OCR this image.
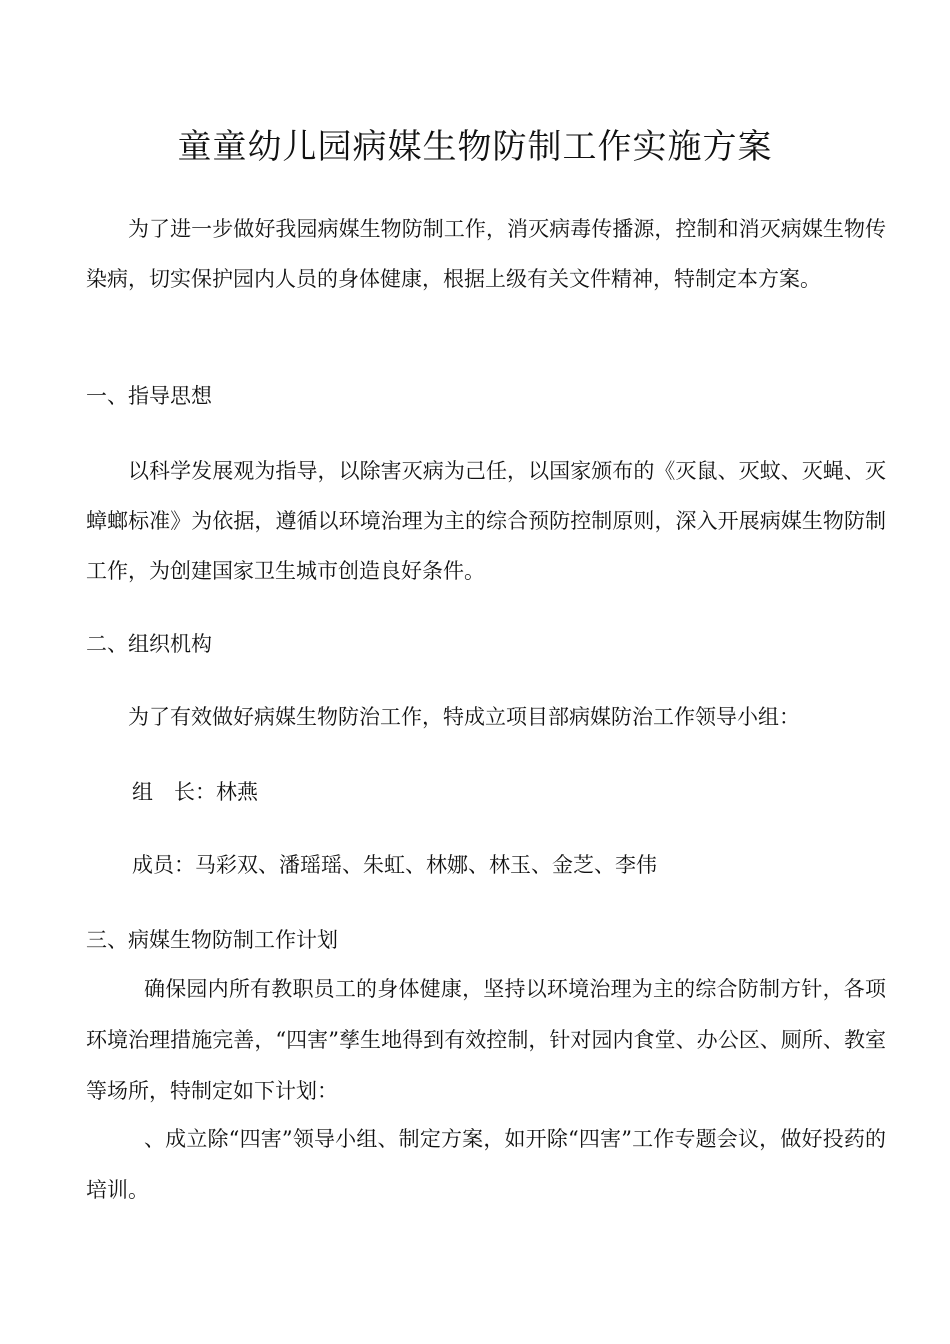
童童幼儿园病媒生物防制工作实施方案

为了进一步做好我园病媒生物防制工作，消灭病毒传播源，控制和消灭病媒生物传染病，切实保护园内人员的身体健康，根据上级有关文件精神，特制定本方案。

一、指导思想

以科学发展观为指导，以除害灭病为己任，以国家颁布的《灭鼠、灭蚊、灭蝇、灭蟑螂标准》为依据，遵循以环境治理为主的综合预防控制原则，深入开展病媒生物防制工作，为创建国家卫生城市创造良好条件。

二、组织机构

为了有效做好病媒生物防治工作，特成立项目部病媒防治工作领导小组：

组　长：林燕

成员：马彩双、潘瑶瑶、朱虹、林娜、林玉、金芝、李伟

三、病媒生物防制工作计划

确保园内所有教职员工的身体健康，坚持以环境治理为主的综合防制方针，各项环境治理措施完善，“四害”孳生地得到有效控制，针对园内食堂、办公区、厕所、教室等场所，特制定如下计划：

、成立除“四害”领导小组、制定方案，如开除“四害”工作专题会议，做好投药的培训。
